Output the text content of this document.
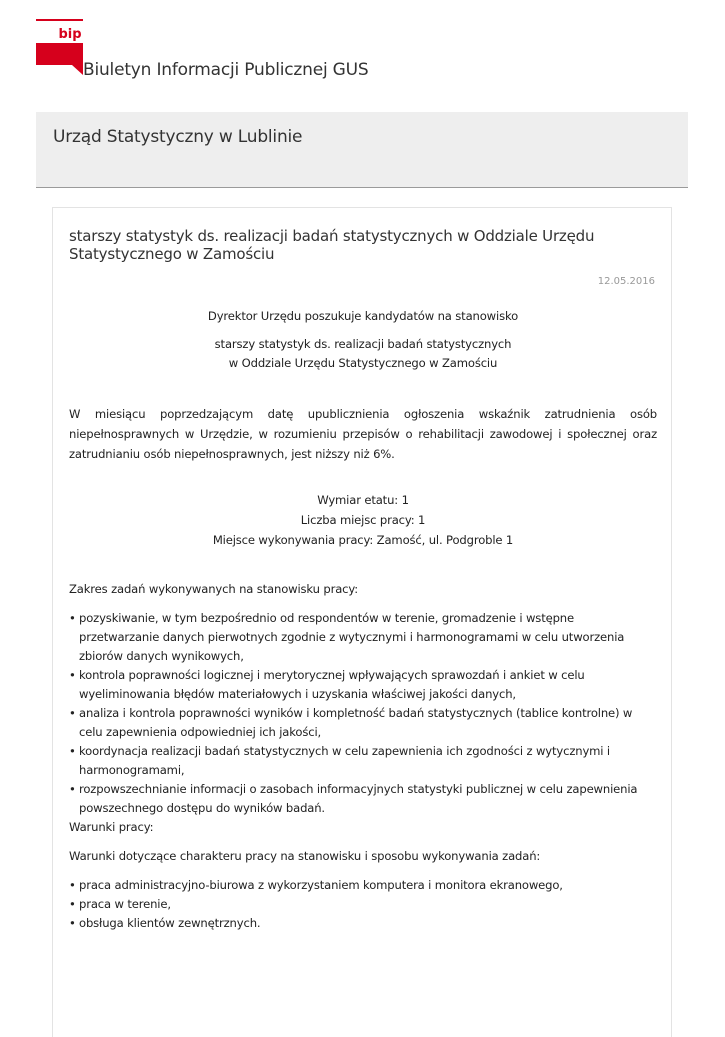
bip
Biuletyn Informacji Publicznej GUS
Urząd Statystyczny w Lublinie
starszy statystyk ds. realizacji badań statystycznych w Oddziale Urzędu Statystycznego w Zamościu
12.05.2016

Dyrektor Urzędu poszukuje kandydatów na stanowisko

starszy statystyk ds. realizacji badań statystycznych

w Oddziale Urzędu Statystycznego w Zamościu

W miesiącu poprzedzającym datę upublicznienia ogłoszenia wskaźnik zatrudnienia osób niepełnosprawnych w Urzędzie, w rozumieniu przepisów o rehabilitacji zawodowej i społecznej oraz zatrudnianiu osób niepełnosprawnych, jest niższy niż 6%.

Wymiar etatu: 1

Liczba miejsc pracy: 1

Miejsce wykonywania pracy: Zamość, ul. Podgroble 1

Zakres zadań wykonywanych na stanowisku pracy:

• pozyskiwanie, w tym bezpośrednio od respondentów w terenie, gromadzenie i wstępne przetwarzanie danych pierwotnych zgodnie z wytycznymi i harmonogramami w celu utworzenia zbiorów danych wynikowych,
• kontrola poprawności logicznej i merytorycznej wpływających sprawozdań i ankiet w celu wyeliminowania błędów materiałowych i uzyskania właściwej jakości danych,
• analiza i kontrola poprawności wyników i kompletność badań statystycznych (tablice kontrolne) w celu zapewnienia odpowiedniej ich jakości,
• koordynacja realizacji badań statystycznych w celu zapewnienia ich zgodności z wytycznymi i harmonogramami,
• rozpowszechnianie informacji o zasobach informacyjnych statystyki publicznej w celu zapewnienia powszechnego dostępu do wyników badań.

Warunki pracy:

Warunki dotyczące charakteru pracy na stanowisku i sposobu wykonywania zadań:

• praca administracyjno-biurowa z wykorzystaniem komputera i monitora ekranowego,
• praca w terenie,
• obsługa klientów zewnętrznych.
